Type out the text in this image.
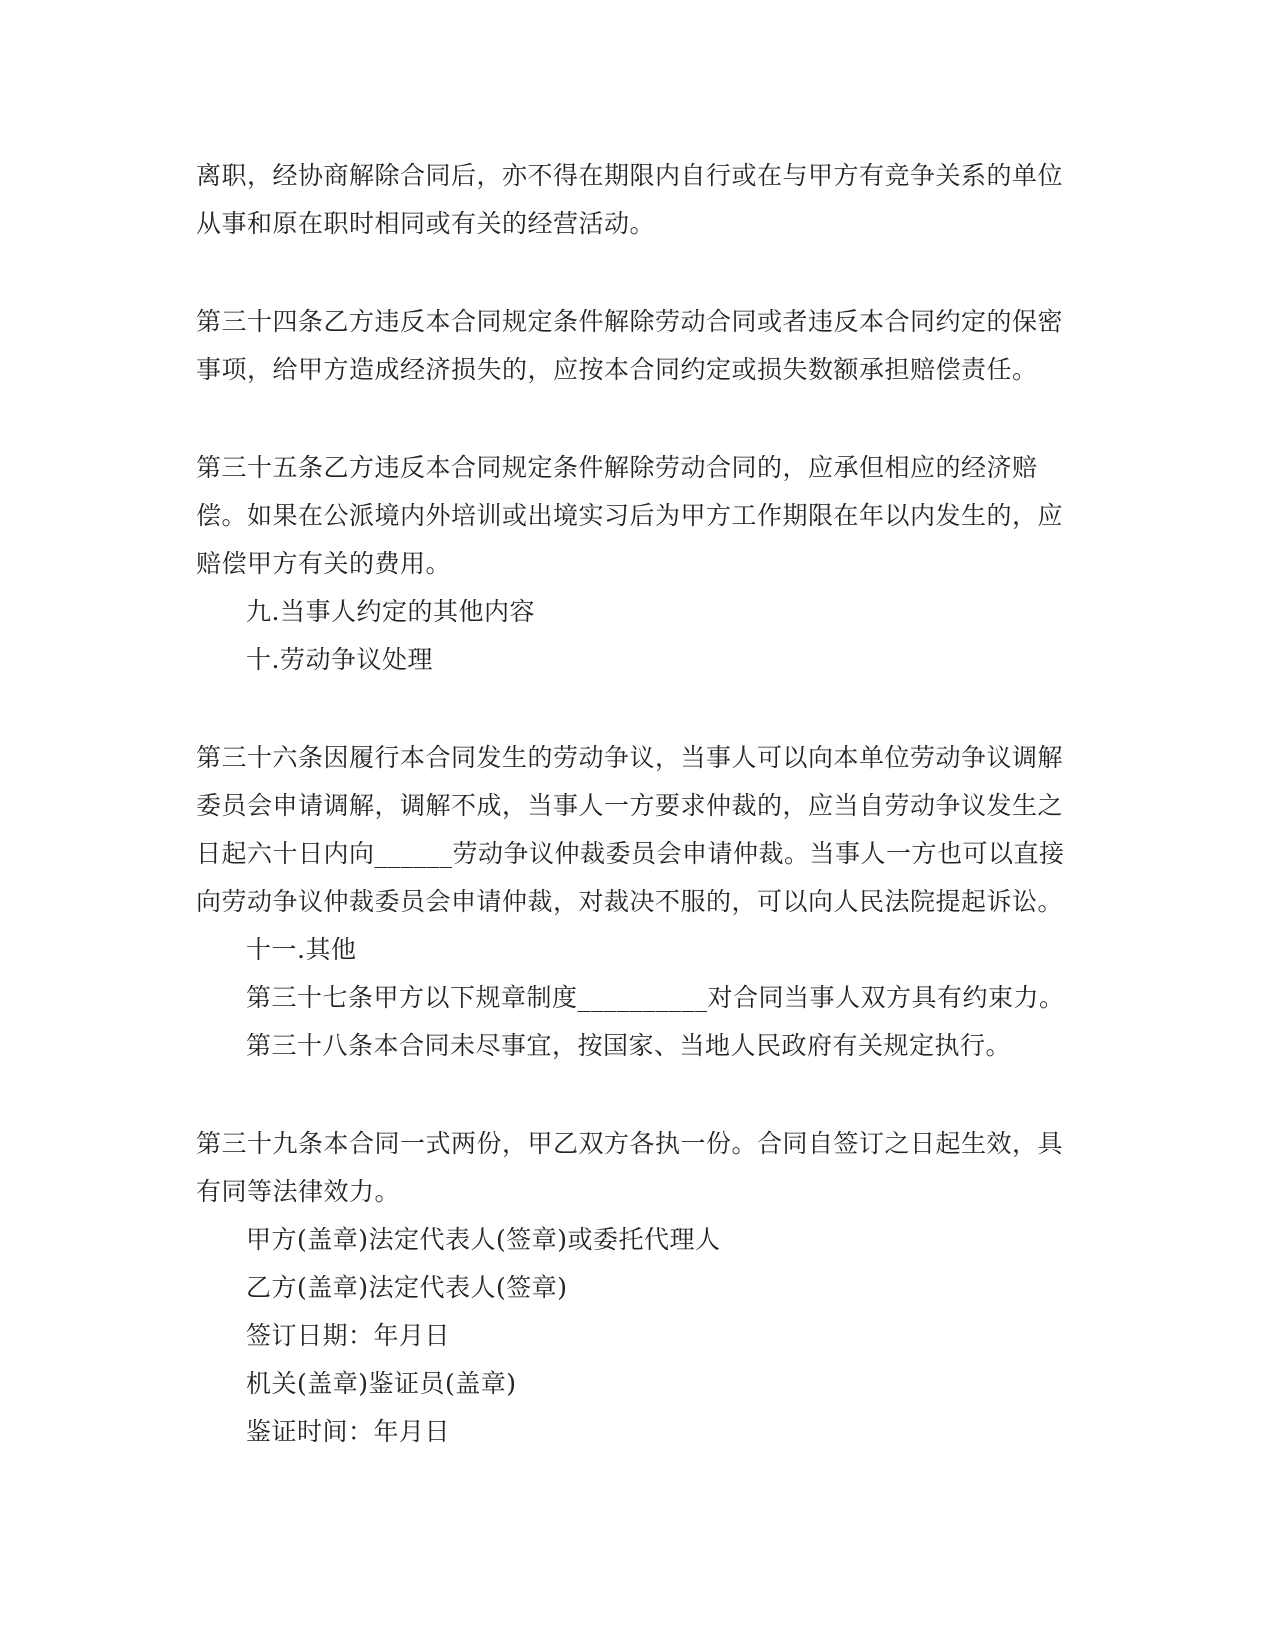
离职，经协商解除合同后，亦不得在期限内自行或在与甲方有竞争关系的单位从事和原在职时相同或有关的经营活动。

第三十四条乙方违反本合同规定条件解除劳动合同或者违反本合同约定的保密事项，给甲方造成经济损失的，应按本合同约定或损失数额承担赔偿责任。

第三十五条乙方违反本合同规定条件解除劳动合同的，应承但相应的经济赔偿。如果在公派境内外培训或出境实习后为甲方工作期限在年以内发生的，应赔偿甲方有关的费用。

九.当事人约定的其他内容

十.劳动争议处理

第三十六条因履行本合同发生的劳动争议，当事人可以向本单位劳动争议调解委员会申请调解，调解不成，当事人一方要求仲裁的，应当自劳动争议发生之日起六十日内向______劳动争议仲裁委员会申请仲裁。当事人一方也可以直接向劳动争议仲裁委员会申请仲裁，对裁决不服的，可以向人民法院提起诉讼。

十一.其他

第三十七条甲方以下规章制度__________对合同当事人双方具有约束力。

第三十八条本合同未尽事宜，按国家、当地人民政府有关规定执行。

第三十九条本合同一式两份，甲乙双方各执一份。合同自签订之日起生效，具有同等法律效力。

甲方(盖章)法定代表人(签章)或委托代理人

乙方(盖章)法定代表人(签章)

签订日期：年月日

机关(盖章)鉴证员(盖章)

鉴证时间：年月日
